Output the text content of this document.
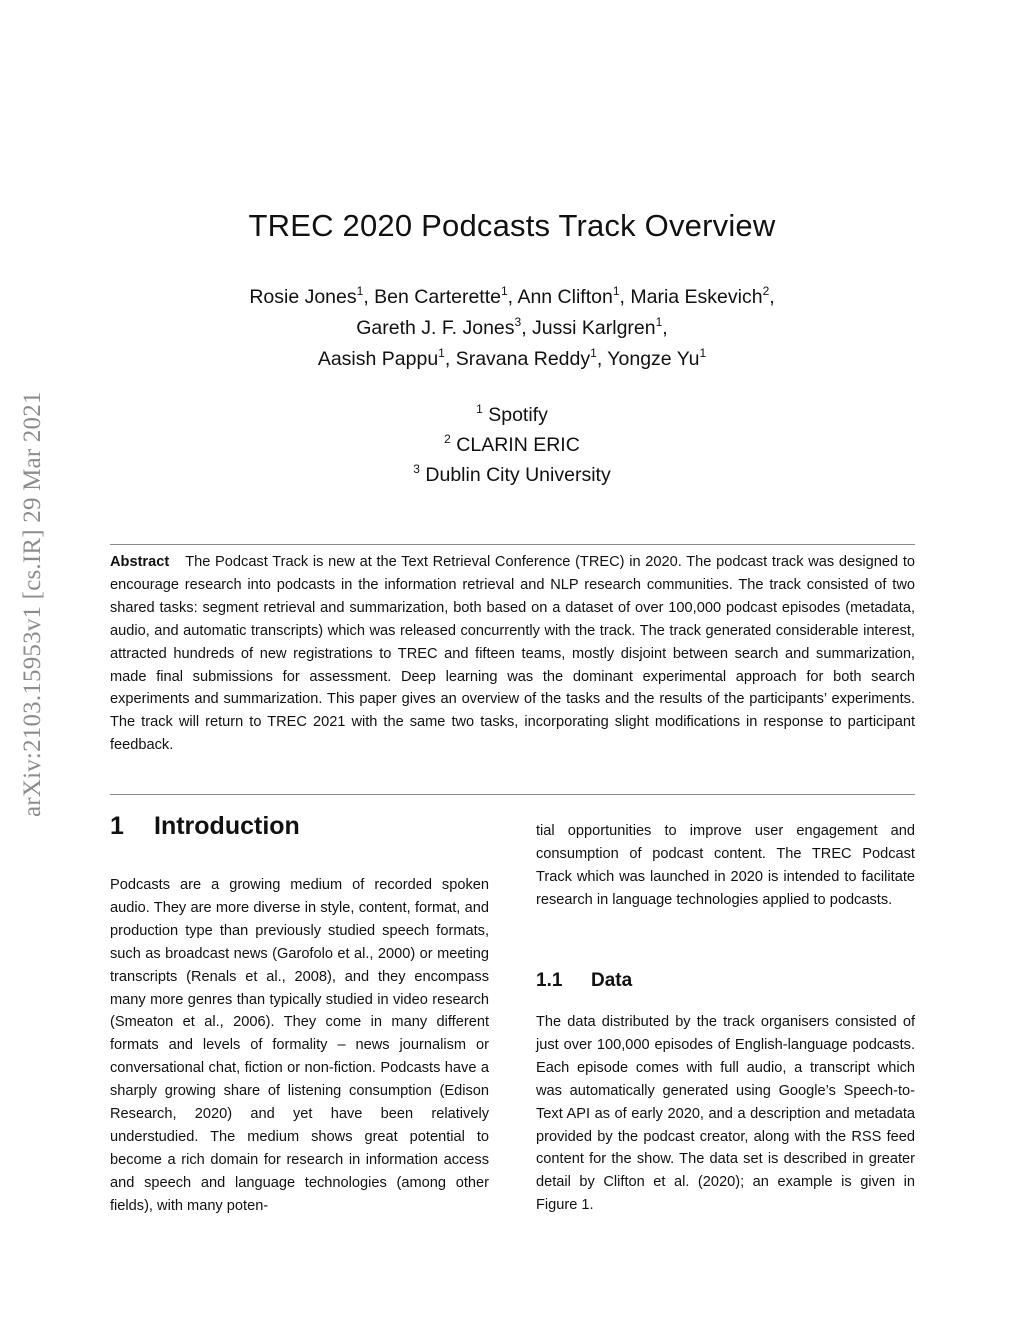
arXiv:2103.15953v1 [cs.IR] 29 Mar 2021
TREC 2020 Podcasts Track Overview
Rosie Jones$^1$, Ben Carterette$^1$, Ann Clifton$^1$, Maria Eskevich$^2$,
Gareth J. F. Jones$^3$, Jussi Karlgren$^1$,
Aasish Pappu$^1$, Sravana Reddy$^1$, Yongze Yu$^1$
$^1$ Spotify
$^2$ CLARIN ERIC
$^3$ Dublin City University
Abstract The Podcast Track is new at the Text Retrieval Conference (TREC) in 2020. The podcast track was designed to encourage research into podcasts in the information retrieval and NLP research communities. The track consisted of two shared tasks: segment retrieval and summarization, both based on a dataset of over 100,000 podcast episodes (metadata, audio, and automatic transcripts) which was released concurrently with the track. The track generated considerable interest, attracted hundreds of new registrations to TREC and fifteen teams, mostly disjoint between search and summarization, made final submissions for assessment. Deep learning was the dominant experimental approach for both search experiments and summarization. This paper gives an overview of the tasks and the results of the participants’ experiments. The track will return to TREC 2021 with the same two tasks, incorporating slight modifications in response to participant feedback.
1 Introduction
Podcasts are a growing medium of recorded spoken audio. They are more diverse in style, content, format, and production type than previously studied speech formats, such as broadcast news (Garofolo et al., 2000) or meeting transcripts (Renals et al., 2008), and they encompass many more genres than typically studied in video research (Smeaton et al., 2006). They come in many different formats and levels of formality – news journalism or conversational chat, fiction or non-fiction. Podcasts have a sharply growing share of listening consumption (Edison Research, 2020) and yet have been relatively understudied. The medium shows great potential to become a rich domain for research in information access and speech and language technologies (among other fields), with many poten-
tial opportunities to improve user engagement and consumption of podcast content. The TREC Podcast Track which was launched in 2020 is intended to facilitate research in language technologies applied to podcasts.
1.1 Data
The data distributed by the track organisers consisted of just over 100,000 episodes of English-language podcasts. Each episode comes with full audio, a transcript which was automatically generated using Google’s Speech-to-Text API as of early 2020, and a description and metadata provided by the podcast creator, along with the RSS feed content for the show. The data set is described in greater detail by Clifton et al. (2020); an example is given in Figure 1.
